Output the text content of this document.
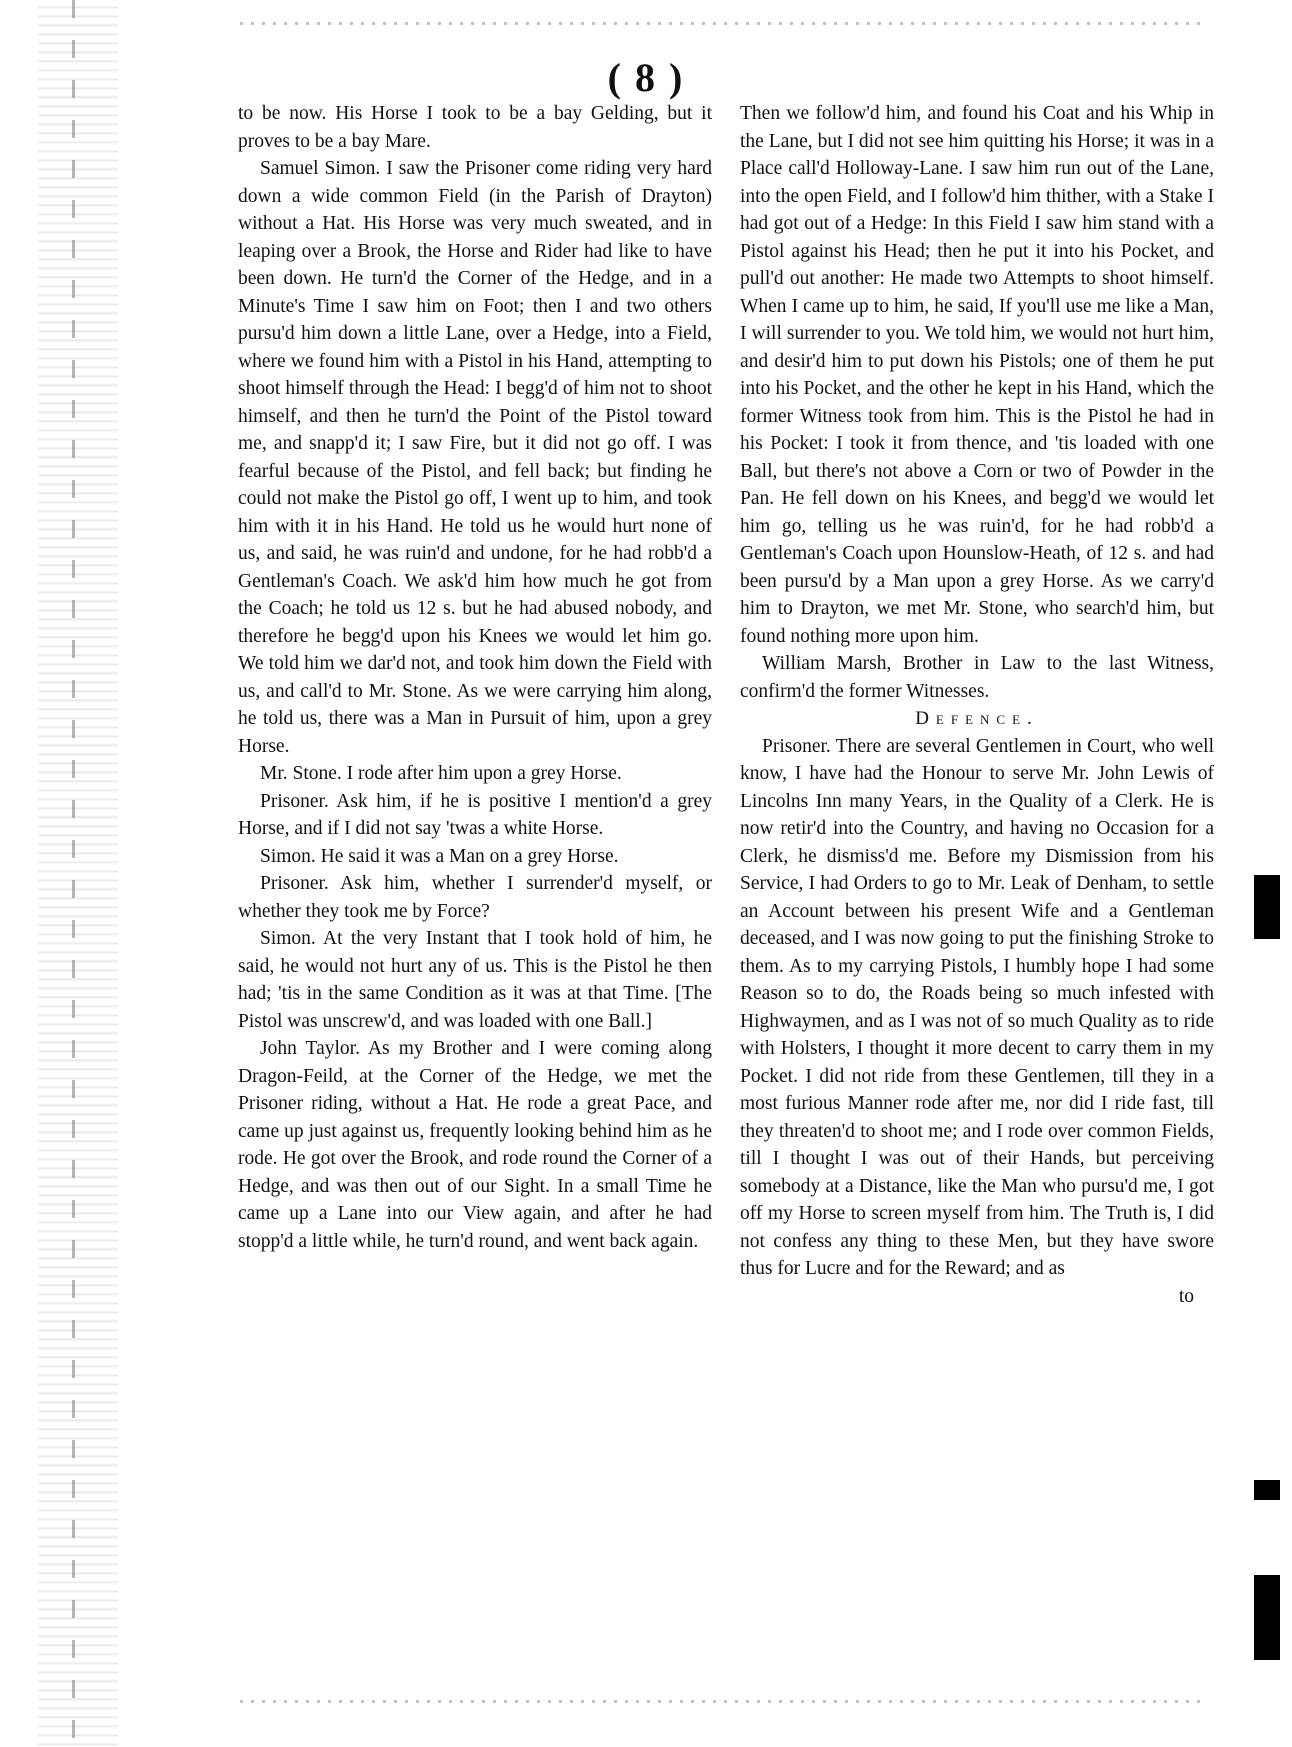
( 8 )

to be now. His Horse I took to be a bay Gelding, but it proves to be a bay Mare.

Samuel Simon. I saw the Prisoner come riding very hard down a wide common Field (in the Parish of Drayton) without a Hat. His Horse was very much sweated, and in leaping over a Brook, the Horse and Rider had like to have been down. He turn'd the Corner of the Hedge, and in a Minute's Time I saw him on Foot; then I and two others pursu'd him down a little Lane, over a Hedge, into a Field, where we found him with a Pistol in his Hand, attempting to shoot himself through the Head: I begg'd of him not to shoot himself, and then he turn'd the Point of the Pistol toward me, and snapp'd it; I saw Fire, but it did not go off. I was fearful because of the Pistol, and fell back; but finding he could not make the Pistol go off, I went up to him, and took him with it in his Hand. He told us he would hurt none of us, and said, he was ruin'd and undone, for he had robb'd a Gentleman's Coach. We ask'd him how much he got from the Coach; he told us 12 s. but he had abused nobody, and therefore he begg'd upon his Knees we would let him go. We told him we dar'd not, and took him down the Field with us, and call'd to Mr. Stone. As we were carrying him along, he told us, there was a Man in Pursuit of him, upon a grey Horse.

Mr. Stone. I rode after him upon a grey Horse.

Prisoner. Ask him, if he is positive I mention'd a grey Horse, and if I did not say 'twas a white Horse.

Simon. He said it was a Man on a grey Horse.

Prisoner. Ask him, whether I surrender'd myself, or whether they took me by Force?

Simon. At the very Instant that I took hold of him, he said, he would not hurt any of us. This is the Pistol he then had; 'tis in the same Condition as it was at that Time. [The Pistol was unscrew'd, and was loaded with one Ball.]

John Taylor. As my Brother and I were coming along Dragon-Feild, at the Corner of the Hedge, we met the Prisoner riding, without a Hat. He rode a great Pace, and came up just against us, frequently looking behind him as he rode. He got over the Brook, and rode round the Corner of a Hedge, and was then out of our Sight. In a small Time he came up a Lane into our View again, and after he had stopp'd a little while, he turn'd round, and went back again.

Then we follow'd him, and found his Coat and his Whip in the Lane, but I did not see him quitting his Horse; it was in a Place call'd Holloway-Lane. I saw him run out of the Lane, into the open Field, and I follow'd him thither, with a Stake I had got out of a Hedge: In this Field I saw him stand with a Pistol against his Head; then he put it into his Pocket, and pull'd out another: He made two Attempts to shoot himself. When I came up to him, he said, If you'll use me like a Man, I will surrender to you. We told him, we would not hurt him, and desir'd him to put down his Pistols; one of them he put into his Pocket, and the other he kept in his Hand, which the former Witness took from him. This is the Pistol he had in his Pocket: I took it from thence, and 'tis loaded with one Ball, but there's not above a Corn or two of Powder in the Pan. He fell down on his Knees, and begg'd we would let him go, telling us he was ruin'd, for he had robb'd a Gentleman's Coach upon Hounslow-Heath, of 12 s. and had been pursu'd by a Man upon a grey Horse. As we carry'd him to Drayton, we met Mr. Stone, who search'd him, but found nothing more upon him.

William Marsh, Brother in Law to the last Witness, confirm'd the former Witnesses.

Defence.

Prisoner. There are several Gentlemen in Court, who well know, I have had the Honour to serve Mr. John Lewis of Lincolns Inn many Years, in the Quality of a Clerk. He is now retir'd into the Country, and having no Occasion for a Clerk, he dismiss'd me. Before my Dismission from his Service, I had Orders to go to Mr. Leak of Denham, to settle an Account between his present Wife and a Gentleman deceased, and I was now going to put the finishing Stroke to them. As to my carrying Pistols, I humbly hope I had some Reason so to do, the Roads being so much infested with Highwaymen, and as I was not of so much Quality as to ride with Holsters, I thought it more decent to carry them in my Pocket. I did not ride from these Gentlemen, till they in a most furious Manner rode after me, nor did I ride fast, till they threaten'd to shoot me; and I rode over common Fields, till I thought I was out of their Hands, but perceiving somebody at a Distance, like the Man who pursu'd me, I got off my Horse to screen myself from him. The Truth is, I did not confess any thing to these Men, but they have swore thus for Lucre and for the Reward; and as

to
